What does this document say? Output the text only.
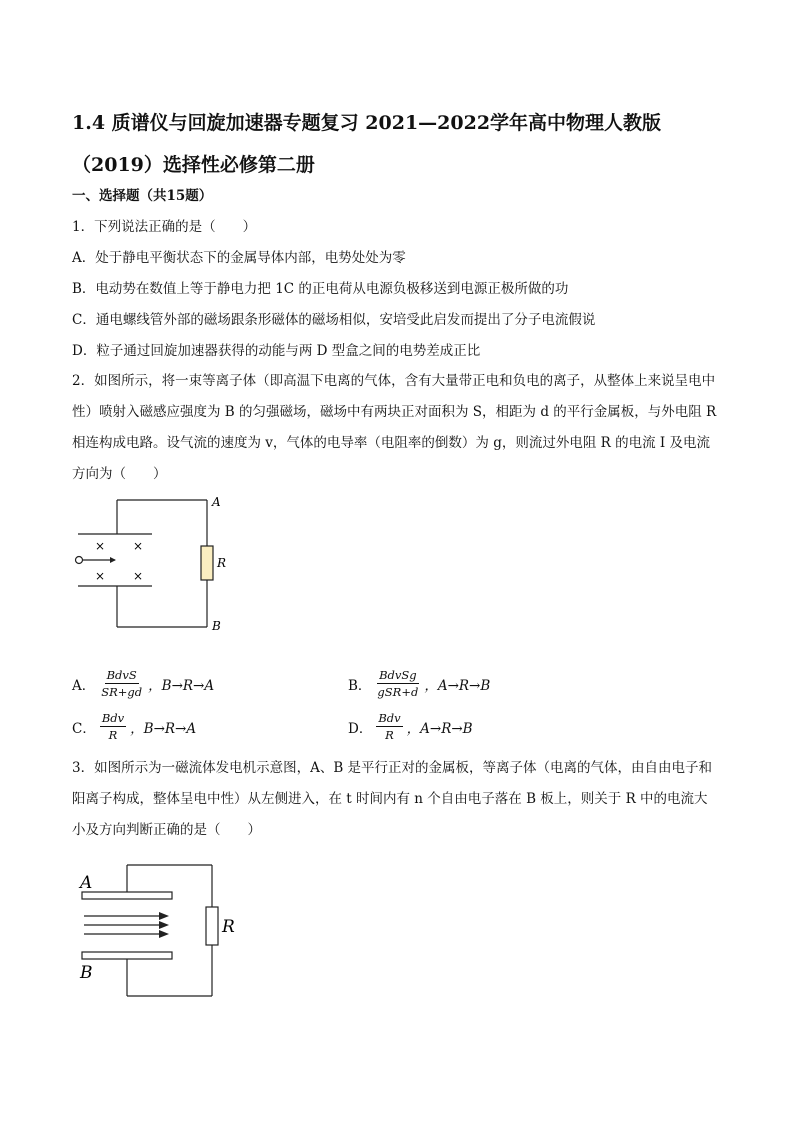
1.4 质谱仪与回旋加速器专题复习 2021—2022学年高中物理人教版（2019）选择性必修第二册
一、选择题（共15题）
1．下列说法正确的是（　　）
A．处于静电平衡状态下的金属导体内部，电势处处为零
B．电动势在数值上等于静电力把 1C 的正电荷从电源负极移送到电源正极所做的功
C．通电螺线管外部的磁场跟条形磁体的磁场相似，安培受此启发而提出了分子电流假说
D．粒子通过回旋加速器获得的动能与两 D 型盒之间的电势差成正比
2．如图所示，将一束等离子体（即高温下电离的气体，含有大量带正电和负电的离子，从整体上来说呈电中性）喷射入磁感应强度为 B 的匀强磁场，磁场中有两块正对面积为 S，相距为 d 的平行金属板，与外电阻 R 相连构成电路。设气流的速度为 v，气体的电导率（电阻率的倒数）为 g，则流过外电阻 R 的电流 I 及电流方向为（　　）
× ×
× ×
A
R
B
A． $\frac{\text{BdvS}}{SR+gd}$ ，B→R→A	B． $\frac{\text{BdvSg}}{\text{gSR+d}}$ ，A→R→B
C． $\frac{\text{Bdv}}{R}$ ，B→R→A	D． $\frac{\text{Bdv}}{R}$ ，A→R→B
3．如图所示为一磁流体发电机示意图，A、B 是平行正对的金属板，等离子体（电离的气体，由自由电子和阳离子构成，整体呈电中性）从左侧进入，在 t 时间内有 n 个自由电子落在 B 板上，则关于 R 中的电流大小及方向判断正确的是（　　）
A
B
R
